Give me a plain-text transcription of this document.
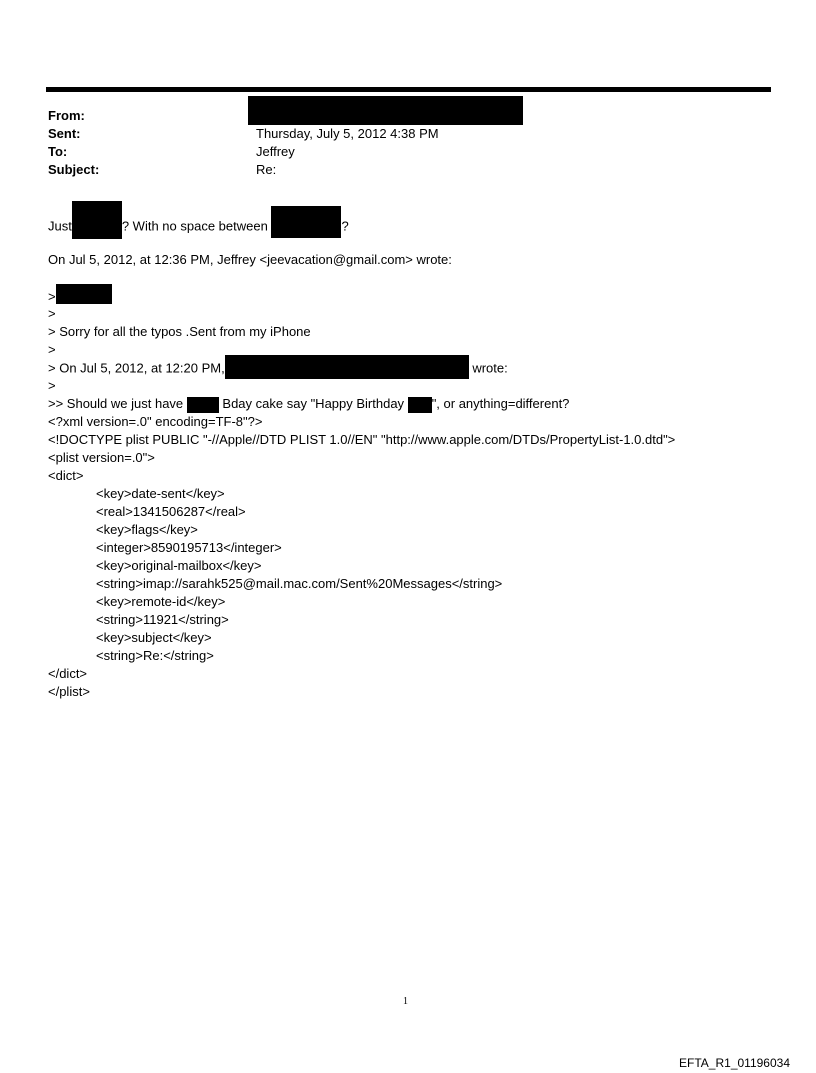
From:
Sent:	Thursday, July 5, 2012 4:38 PM
To:	Jeffrey
Subject:	Re:
Just	? With no space between	?
On Jul 5, 2012, at 12:36 PM, Jeffrey <jeevacation@gmail.com> wrote:
>
>
> Sorry for all the typos .Sent from my iPhone
>
> On Jul 5, 2012, at 12:20 PM,	wrote:
>
>> Should we just have	Bday cake say "Happy Birthday ", or anything=different?
<?xml version=.0" encoding=TF-8"?>
<!DOCTYPE plist PUBLIC "-//Apple//DTD PLIST 1.0//EN" "http://www.apple.com/DTDs/PropertyList-1.0.dtd">
<plist version=.0">
<dict>
<key>date-sent</key>
<real>1341506287</real>
<key>flags</key>
<integer>8590195713</integer>
<key>original-mailbox</key>
<string>imap://sarahk525@mail.mac.com/Sent%20Messages</string>
<key>remote-id</key>
<string>11921</string>
<key>subject</key>
<string>Re:</string>
</dict>
</plist>
1
EFTA_R1_01196034
